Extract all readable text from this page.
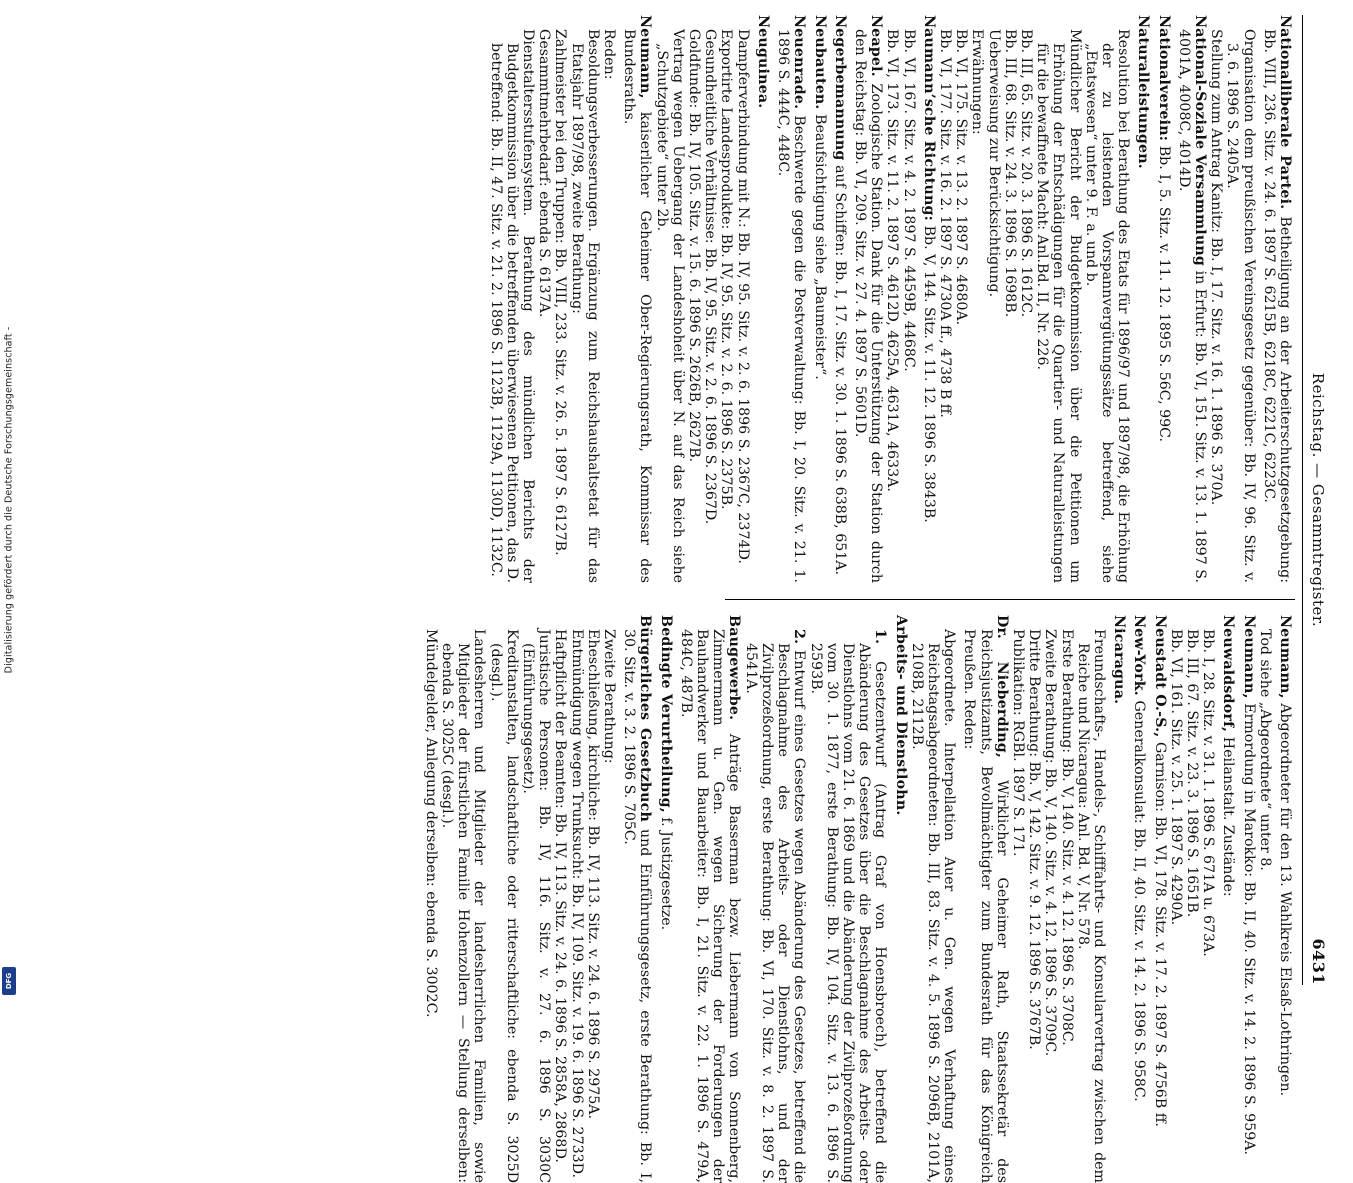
Digitalisierung gefördert durch die Deutsche Forschungsgemeinschaft -
DFG
Reichstag. — Gesammtregister.
6431

Nationalliberale Partei. Betheiligung an der Arbeiterschutzgesetzgebung: Bb. VIII, 236. Sitz. v. 24. 6. 1897 S. 6215B, 6218C, 6221C, 6223C.

Organisation dem preußischen Vereinsgesetz gegenüber: Bb. IV, 96. Sitz. v. 3. 6. 1896 S. 2405A.

Stellung zum Antrag Kanitz: Bb. I, 17. Sitz. v. 16. 1. 1896 S. 370A.

National-Soziale Versammlung in Erfurt: Bb. VI, 151. Sitz. v. 13. 1. 1897 S. 4001A, 4008C, 4014D.

Nationalverein: Bb. I, 5. Sitz. v. 11. 12. 1895 S. 56C, 99C.

Naturalleistungen.

Resolution bei Berathung des Etats für 1896/97 und 1897/98, die Erhöhung der zu leistenden Vorspannvergütungssätze betreffend, siehe „Etatswesen“ unter 9. F. a. und b.

Mündlicher Bericht der Budgetkommission über die Petitionen um Erhöhung der Entschädigungen für die Quartier- und Naturalleistungen für die bewaffnete Macht: Anl.Bd. II, Nr. 226.

Bb. III, 65. Sitz. v. 20. 3. 1896 S. 1612C.

Bb. III, 68. Sitz. v. 24. 3. 1896 S. 1698B.

Ueberweisung zur Berücksichtigung.

Erwähnungen:

Bb. VI, 175. Sitz. v. 13. 2. 1897 S. 4680A.

Bb. VI, 177. Sitz. v. 16. 2. 1897 S. 4730A ff., 4738 B ff.

Naumann’sche Richtung: Bb. V, 144. Sitz. v. 11. 12. 1896 S. 3843B.

Bb. VI, 167. Sitz. v. 4. 2. 1897 S. 4459B, 4468C.

Bb. VI, 173. Sitz. v. 11. 2. 1897 S. 4612D, 4625A, 4631A, 4633A.

Neapel. Zoologische Station. Dank für die Unterstützung der Station durch den Reichstag: Bb. VI, 209. Sitz. v. 27. 4. 1897 S. 5601D.

Negerbemannung auf Schiffen: Bb. I, 17. Sitz. v. 30. 1. 1896 S. 638B, 651A.

Neubauten. Beaufsichtigung siehe „Baumeister“.

Neuenrade. Beschwerde gegen die Postverwaltung: Bb. I, 20. Sitz. v. 21. 1. 1896 S. 444C, 448C.

Neuguinea.

Dampferverbindung mit N.: Bb. IV, 95. Sitz. v. 2. 6. 1896 S. 2367C, 2374D.

Exportirte Landesprodukte: Bb. IV, 95. Sitz. v. 2. 6. 1896 S. 2375B.

Gesundheitliche Verhältnisse: Bb. IV, 95. Sitz. v. 2. 6. 1896 S. 2367D.

Goldfunde: Bb. IV, 105. Sitz. v. 15. 6. 1896 S. 2626B, 2627B.

Vertrag wegen Uebergang der Landeshoheit über N. auf das Reich siehe „Schutzgebiete“ unter 2b.

Neumann, kaiserlicher Geheimer Ober-Regierungsrath, Kommissar des Bundesraths.

Reden:

Besoldungsverbesserungen. Ergänzung zum Reichshaushaltsetat für das Etatsjahr 1897/98, zweite Berathung:

Zahlmeister bei den Truppen: Bb. VIII, 233. Sitz. v. 26. 5. 1897 S. 6127B.

Gesammtmehrbedarf: ebenda S. 6137A.

Dienstaltersstufensystem. Berathung des mündlichen Berichts der Budgetkommission über die betreffenden überwiesenen Petitionen, das D. betreffend: Bb. II, 47. Sitz. v. 21. 2. 1896 S. 1123B, 1129A, 1130D, 1132C.

Neumann, Abgeordneter für den 13. Wahlkreis Elsaß-Lothringen.

Tod siehe „Abgeordnete“ unter 8.

Neumann, Ermordung in Marokko: Bb. II, 40. Sitz. v. 14. 2. 1896 S. 959A.

Neuwaldsdorf, Heilanstalt. Zustände:

Bb. I, 28. Sitz. v. 31. 1. 1896 S. 671A u. 673A.

Bb. III, 67. Sitz. v. 23. 3. 1896 S. 1651B.

Bb. VI, 161. Sitz. v. 25. 1. 1897 S. 4290A.

Neustadt O.-S., Garnison: Bb. VI, 178. Sitz. v. 17. 2. 1897 S. 4756B ff.

New-York. Generalkonsulat: Bb. II, 40. Sitz. v. 14. 2. 1896 S. 958C.

Nicaragua.

Freundschafts-, Handels-, Schifffahrts- und Konsularvertrag zwischen dem Reiche und Nicaragua: Anl. Bd. V, Nr. 578.

Erste Berathung: Bb. V, 140. Sitz. v. 4. 12. 1896 S. 3708C.

Zweite Berathung: Bb. V, 140. Sitz. v. 4. 12. 1896 S. 3709C.

Dritte Berathung: Bb. V, 142. Sitz. v. 9. 12. 1896 S. 3767B.

Publikation: RGBl. 1897 S. 171.

Dr. Nieberding, Wirklicher Geheimer Rath, Staatssekretär des Reichsjustizamts, Bevollmächtigter zum Bundesrath für das Königreich Preußen. Reden:

Abgeordnete. Interpellation Auer u. Gen. wegen Verhaftung eines Reichstagsabgeordneten: Bb. III, 83. Sitz. v. 4. 5. 1896 S. 2096B, 2101A, 2108B, 2112B.

Arbeits- und Dienstlohn.

1. Gesetzentwurf (Antrag Graf von Hoensbroech), betreffend die Abänderung des Gesetzes über die Beschlagnahme des Arbeits- oder Dienstlohns vom 21. 6. 1869 und die Abänderung der Zivilprozeßordnung vom 30. 1. 1877, erste Berathung: Bb. IV, 104. Sitz. v. 13. 6. 1896 S. 2593B.

2. Entwurf eines Gesetzes wegen Abänderung des Gesetzes, betreffend die Beschlagnahme des Arbeits- oder Dienstlohns, und der Zivilprozeßordnung, erste Berathung: Bb. VI, 170. Sitz. v. 8. 2. 1897 S. 4541A.

Baugewerbe. Anträge Basserman bezw. Liebermann von Sonnenberg, Zimmermann u. Gen. wegen Sicherung der Forderungen der Bauhandwerker und Bauarbeiter: Bb. I, 21. Sitz. v. 22. 1. 1896 S. 479A, 484C, 487B.

Bedingte Verurtheilung, f. Justizgesetze.

Bürgerliches Gesetzbuch und Einführungsgesetz, erste Berathung: Bb. I, 30. Sitz. v. 3. 2. 1896 S. 705C.

Zweite Berathung:

Eheschließung, kirchliche: Bb. IV, 113. Sitz. v. 24. 6. 1896 S. 2975A.

Entmündigung wegen Trunksucht: Bb. IV, 109. Sitz. v. 19. 6. 1896 S. 2733D.

Haftpflicht der Beamten: Bb. IV, 113. Sitz. v. 24. 6. 1896 S. 2858A, 2868D.

Juristische Personen: Bb. IV, 116. Sitz. v. 27. 6. 1896 S. 3030C (Einführungsgesetz).

Kreditanstalten, landschaftliche oder ritterschaftliche: ebenda S. 3025D (desgl.).

Landesherren und Mitglieder der landesherrlichen Familien, sowie Mitglieder der fürstlichen Familie Hohenzollern — Stellung derselben: ebenda S. 3025C (desgl.).

Mündelgelder, Anlegung derselben: ebenda S. 3002C.
